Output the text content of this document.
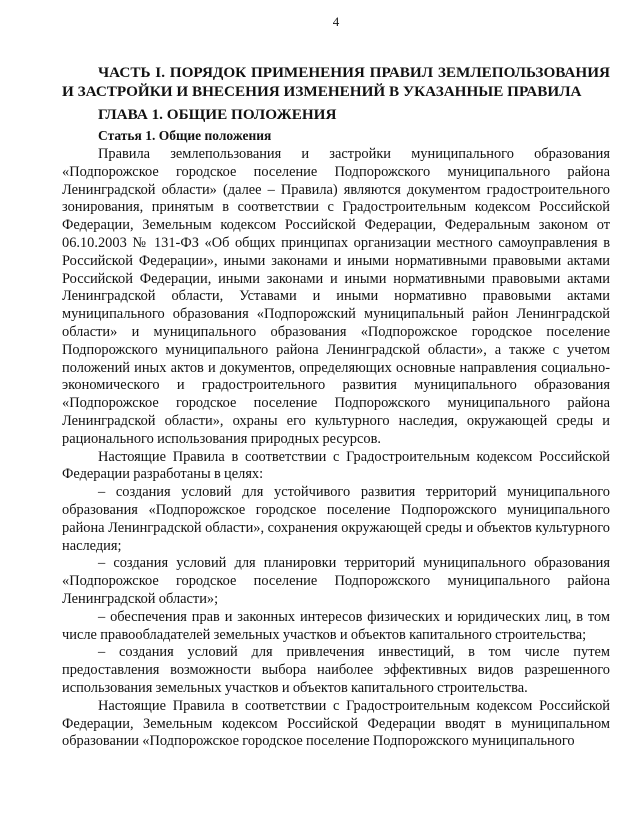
4
ЧАСТЬ I. ПОРЯДОК ПРИМЕНЕНИЯ ПРАВИЛ ЗЕМЛЕПОЛЬЗОВАНИЯ И ЗАСТРОЙКИ И ВНЕСЕНИЯ ИЗМЕНЕНИЙ В УКАЗАННЫЕ ПРАВИЛА
ГЛАВА 1. ОБЩИЕ ПОЛОЖЕНИЯ
Статья 1. Общие положения

Правила землепользования и застройки муниципального образования «Подпорожское городское поселение Подпорожского муниципального района Ленинградской области» (далее – Правила) являются документом градостроительного зонирования, принятым в соответствии с Градостроительным кодексом Российской Федерации, Земельным кодексом Российской Федерации, Федеральным законом от 06.10.2003 № 131-ФЗ «Об общих принципах организации местного самоуправления в Российской Федерации», иными законами и иными нормативными правовыми актами Российской Федерации, иными законами и иными нормативными правовыми актами Ленинградской области, Уставами и иными нормативно правовыми актами муниципального образования «Подпорожский муниципальный район Ленинградской области» и муниципального образования «Подпорожское городское поселение Подпорожского муниципального района Ленинградской области», а также с учетом положений иных актов и документов, определяющих основные направления социально-экономического и градостроительного развития муниципального образования «Подпорожское городское поселение Подпорожского муниципального района Ленинградской области», охраны его культурного наследия, окружающей среды и рационального использования природных ресурсов.

Настоящие Правила в соответствии с Градостроительным кодексом Российской Федерации разработаны в целях:

– создания условий для устойчивого развития территорий муниципального образования «Подпорожское городское поселение Подпорожского муниципального района Ленинградской области», сохранения окружающей среды и объектов культурного наследия;

– создания условий для планировки территорий муниципального образования «Подпорожское городское поселение Подпорожского муниципального района Ленинградской области»;

– обеспечения прав и законных интересов физических и юридических лиц, в том числе правообладателей земельных участков и объектов капитального строительства;

– создания условий для привлечения инвестиций, в том числе путем предоставления возможности выбора наиболее эффективных видов разрешенного использования земельных участков и объектов капитального строительства.

Настоящие Правила в соответствии с Градостроительным кодексом Российской Федерации, Земельным кодексом Российской Федерации вводят в муниципальном образовании «Подпорожское городское поселение Подпорожского муниципального
